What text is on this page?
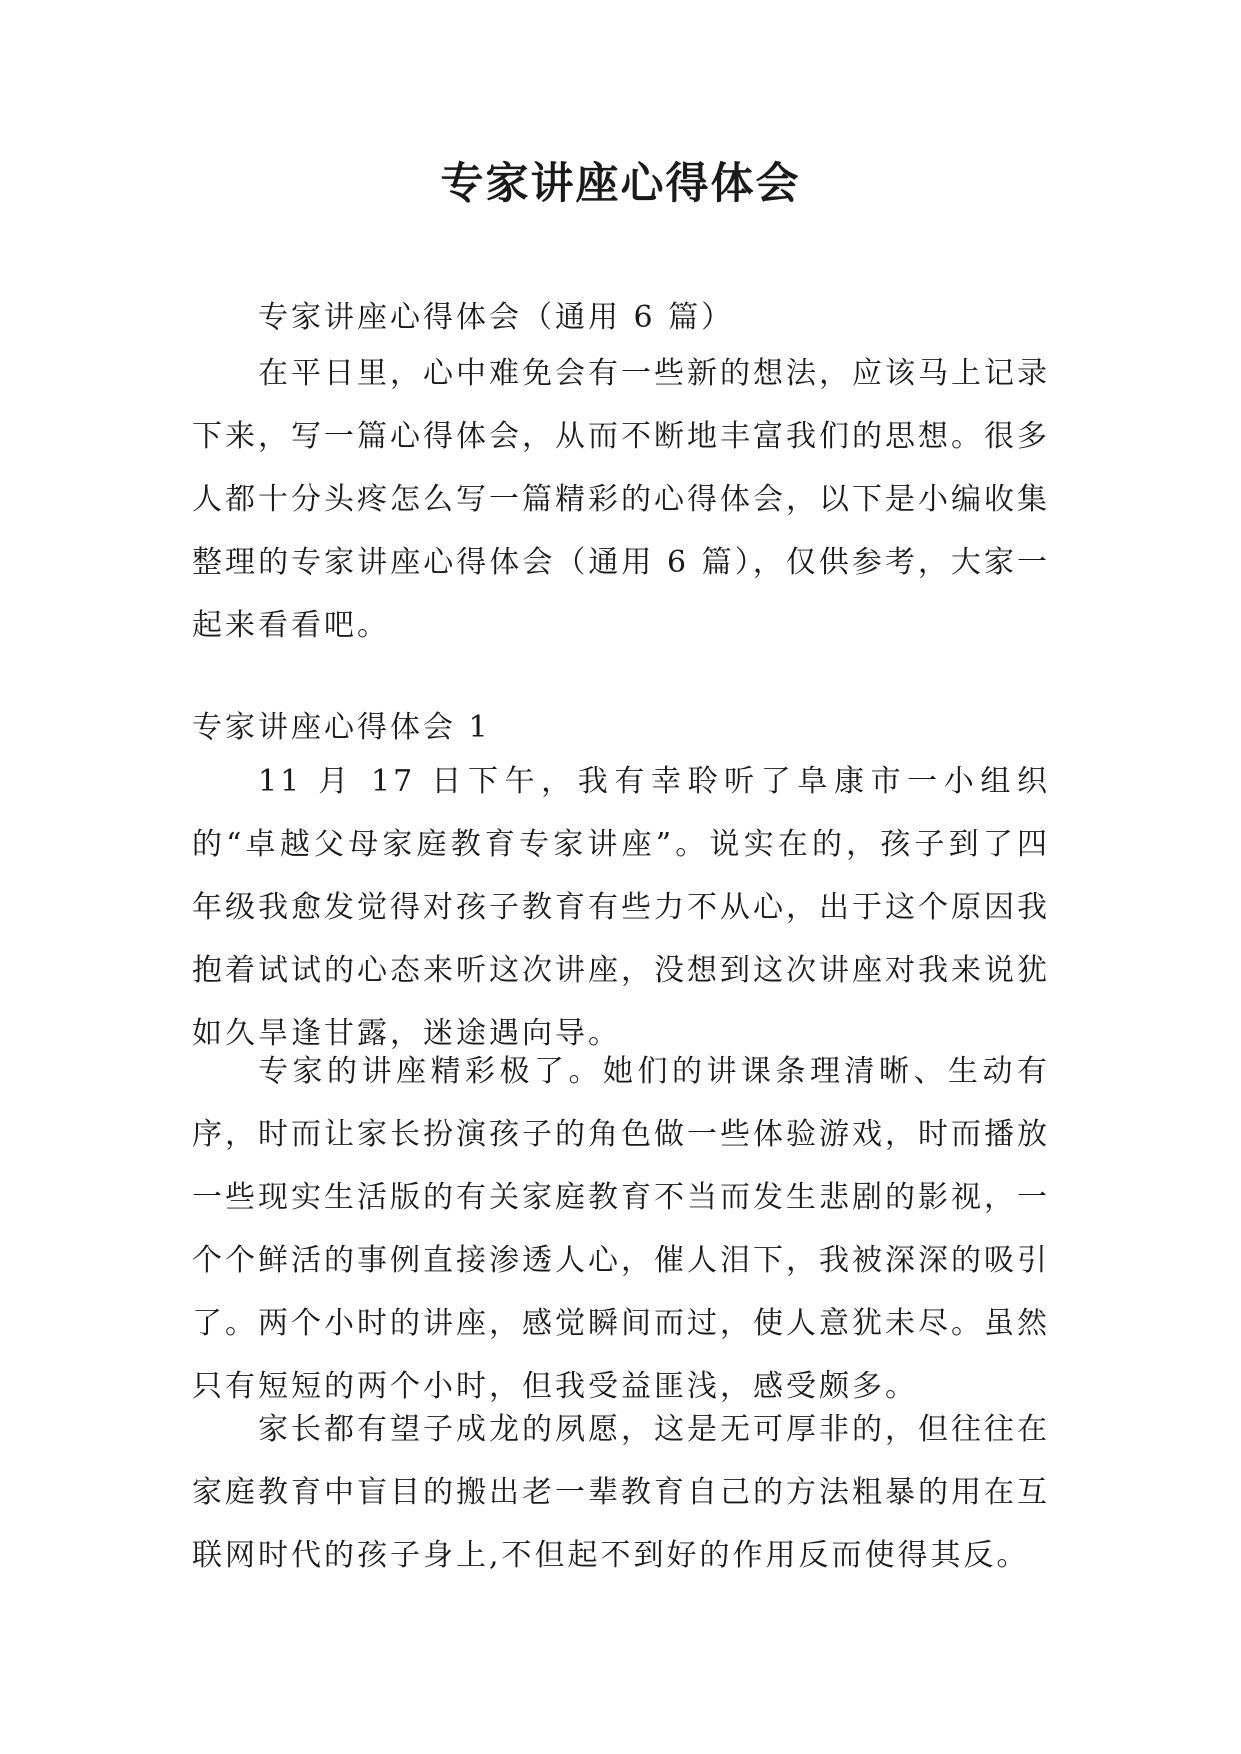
专家讲座心得体会

专家讲座心得体会（通用 6 篇）

在平日里，心中难免会有一些新的想法，应该马上记录下来，写一篇心得体会，从而不断地丰富我们的思想。很多人都十分头疼怎么写一篇精彩的心得体会，以下是小编收集整理的专家讲座心得体会（通用 6 篇），仅供参考，大家一起来看看吧。

专家讲座心得体会 1

11 月 17 日下午，我有幸聆听了阜康市一小组织的“卓越父母家庭教育专家讲座”。说实在的，孩子到了四年级我愈发觉得对孩子教育有些力不从心，出于这个原因我抱着试试的心态来听这次讲座，没想到这次讲座对我来说犹如久旱逢甘露，迷途遇向导。

专家的讲座精彩极了。她们的讲课条理清晰、生动有序，时而让家长扮演孩子的角色做一些体验游戏，时而播放一些现实生活版的有关家庭教育不当而发生悲剧的影视，一个个鲜活的事例直接渗透人心，催人泪下，我被深深的吸引了。两个小时的讲座，感觉瞬间而过，使人意犹未尽。虽然只有短短的两个小时，但我受益匪浅，感受颇多。

家长都有望子成龙的夙愿，这是无可厚非的，但往往在家庭教育中盲目的搬出老一辈教育自己的方法粗暴的用在互联网时代的孩子身上,不但起不到好的作用反而使得其反。
